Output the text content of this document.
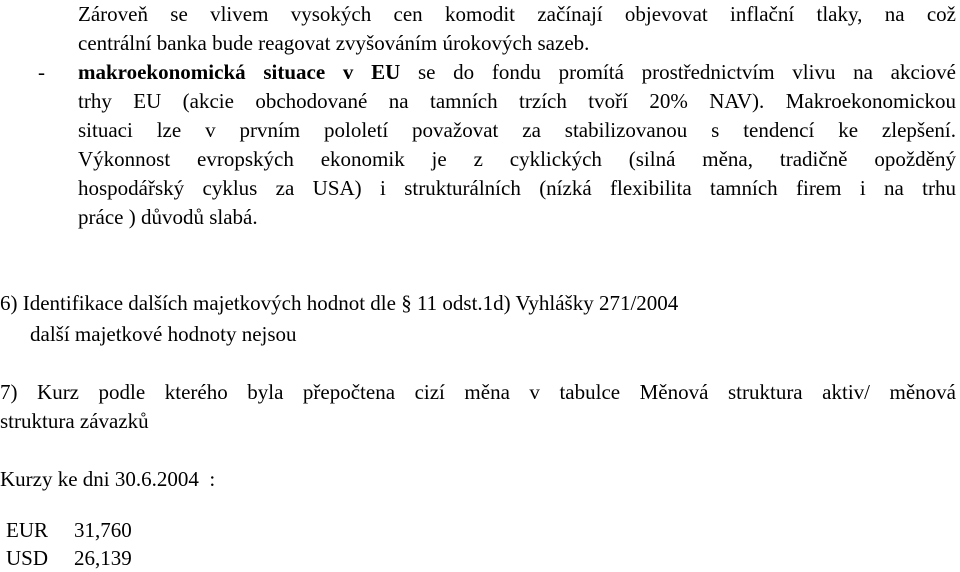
Zároveň se vlivem vysokých cen komodit začínají objevovat inflační tlaky, na což
centrální banka bude reagovat zvyšováním úrokových sazeb.
- makroekonomická situace v EU se do fondu promítá prostřednictvím vlivu na akciové
trhy EU (akcie obchodované na tamních trzích tvoří 20% NAV). Makroekonomickou
situaci lze v prvním pololetí považovat za stabilizovanou s tendencí ke zlepšení.
Výkonnost evropských ekonomik je z cyklických (silná měna, tradičně opožděný
hospodářský cyklus za USA) i strukturálních (nízká flexibilita tamních firem i na trhu
práce ) důvodů slabá.
6) Identifikace dalších majetkových hodnot dle § 11 odst.1d) Vyhlášky 271/2004
další majetkové hodnoty nejsou
7) Kurz podle kterého byla přepočtena cizí měna v tabulce Měnová struktura aktiv/ měnová
struktura závazků
Kurzy ke dni 30.6.2004  :
EUR	31,760
USD	26,139
